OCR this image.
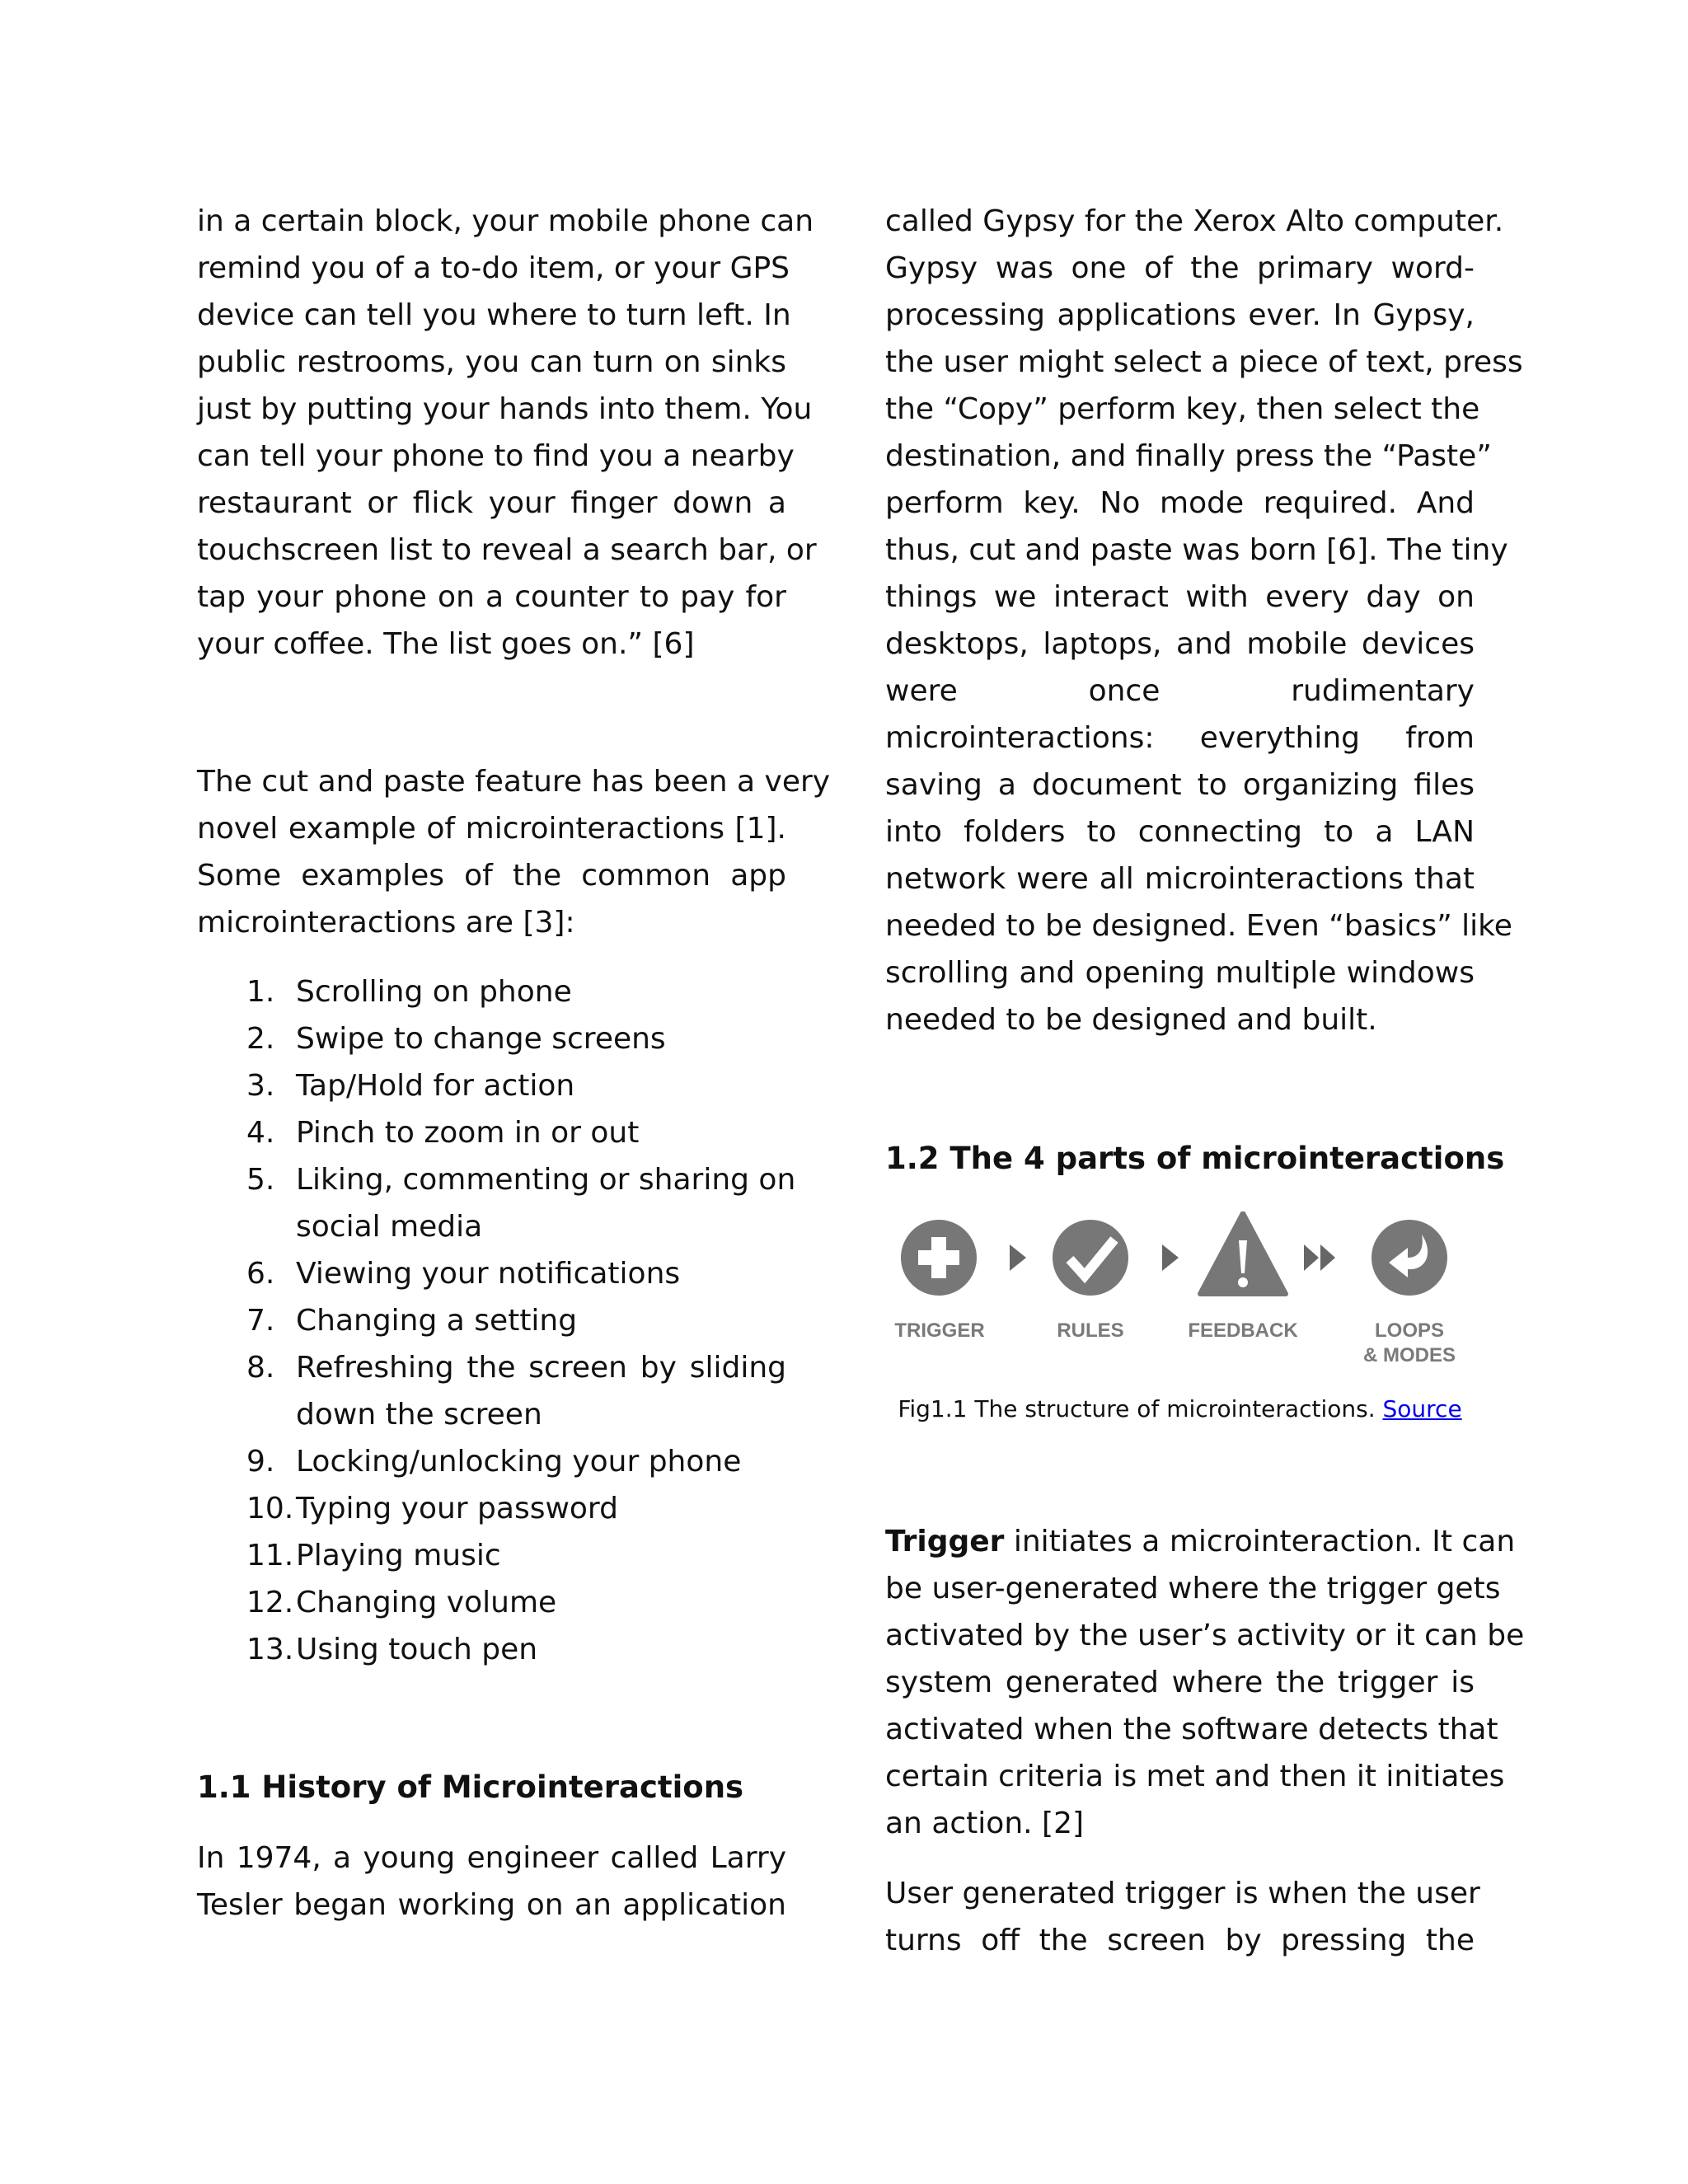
in a certain block, your mobile phone can
remind you of a to-do item, or your GPS
device can tell you where to turn left. In
public restrooms, you can turn on sinks
just by putting your hands into them. You
can tell your phone to find you a nearby
restaurant or flick your finger down a
touchscreen list to reveal a search bar, or
tap your phone on a counter to pay for
your coffee. The list goes on.” [6]
The cut and paste feature has been a very
novel example of microinteractions [1].
Some examples of the common app
microinteractions are [3]:
1. Scrolling on phone
2. Swipe to change screens
3. Tap/Hold for action
4. Pinch to zoom in or out
5. Liking, commenting or sharing on
social media
6. Viewing your notifications
7. Changing a setting
8. Refreshing the screen by sliding
down the screen
9. Locking/unlocking your phone
10. Typing your password
11. Playing music
12. Changing volume
13. Using touch pen
1.1 History of Microinteractions
In 1974, a young engineer called Larry
Tesler began working on an application
called Gypsy for the Xerox Alto computer.
Gypsy was one of the primary word-
processing applications ever. In Gypsy,
the user might select a piece of text, press
the “Copy” perform key, then select the
destination, and finally press the “Paste”
perform key. No mode required. And
thus, cut and paste was born [6]. The tiny
things we interact with every day on
desktops, laptops, and mobile devices
were once rudimentary
microinteractions: everything from
saving a document to organizing files
into folders to connecting to a LAN
network were all microinteractions that
needed to be designed. Even “basics” like
scrolling and opening multiple windows
needed to be designed and built.
1.2 The 4 parts of microinteractions
TRIGGER	RULES	FEEDBACK	LOOPS
& MODES
Fig1.1 The structure of microinteractions. Source
Trigger initiates a microinteraction. It can
be user-generated where the trigger gets
activated by the user’s activity or it can be
system generated where the trigger is
activated when the software detects that
certain criteria is met and then it initiates
an action. [2]
User generated trigger is when the user
turns off the screen by pressing the
